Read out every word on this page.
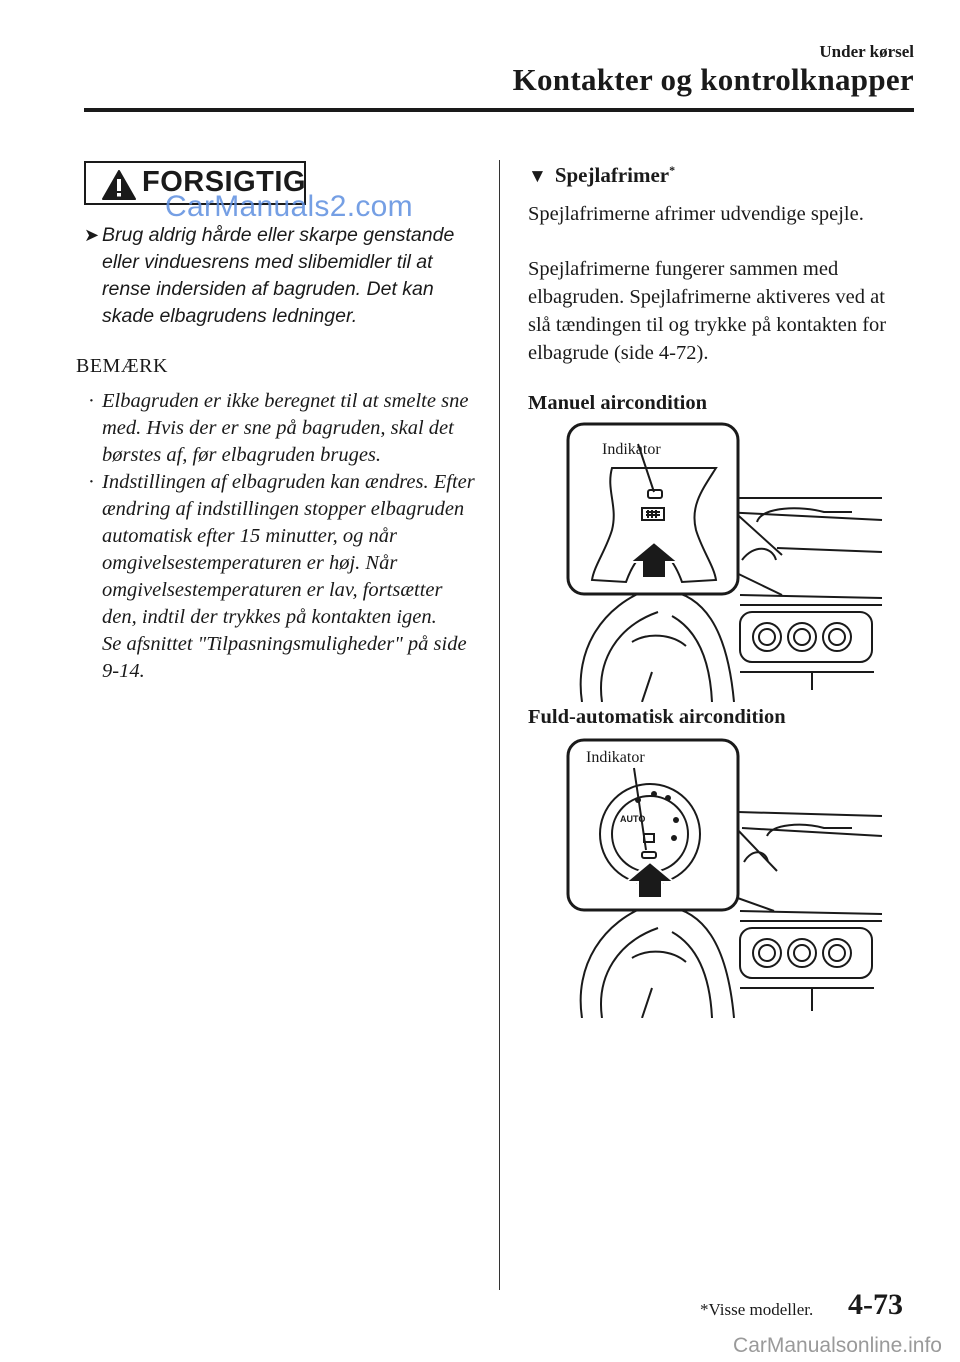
Under kørsel
Kontakter og kontrolknapper
FORSIGTIG
CarManuals2.com
➤ Brug aldrig hårde eller skarpe genstande eller vinduesrens med slibemidler til at rense indersiden af bagruden. Det kan skade elbagrudens ledninger.
BEMÆRK
· Elbagruden er ikke beregnet til at smelte sne med. Hvis der er sne på bagruden, skal det børstes af, før elbagruden bruges.
· Indstillingen af elbagruden kan ændres. Efter ændring af indstillingen stopper elbagruden automatisk efter 15 minutter, og når omgivelsestemperaturen er høj. Når omgivelsestemperaturen er lav, fortsætter den, indtil der trykkes på kontakten igen.
Se afsnittet "Tilpasningsmuligheder" på side 9-14.
▼ Spejlafrimer*
Spejlafrimerne afrimer udvendige spejle.
Spejlafrimerne fungerer sammen med elbagruden. Spejlafrimerne aktiveres ved at slå tændingen til og trykke på kontakten for elbagrude (side 4-72).
Manuel aircondition
Indikator
Fuld-automatisk aircondition
AUTO
Indikator
*Visse modeller. 4-73
CarManualsonline.info
